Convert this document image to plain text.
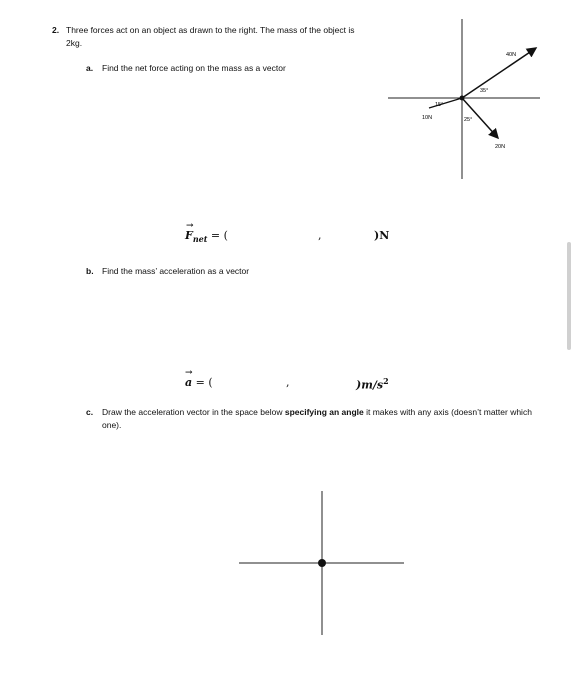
2. Three forces act on an object as drawn to the right. The mass of the object is 2kg.
40N
35°
15°
10N	25°
20N
a. Find the net force acting on the mass as a vector
→
$F_{net}$ = (	,	)N
b. Find the mass’ acceleration as a vector
→
a = (	,	)$m/s^2$
c. Draw the acceleration vector in the space below specifying an angle it makes with any axis (doesn’t matter which one).
